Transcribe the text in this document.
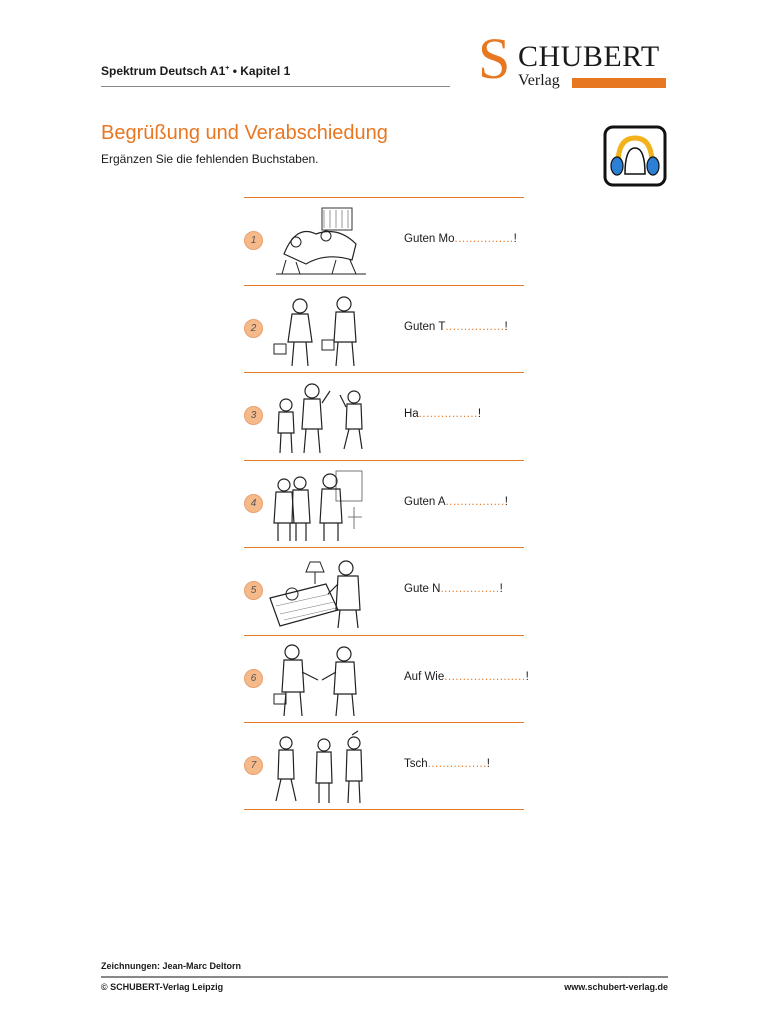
Spektrum Deutsch A1+ • Kapitel 1	S CHUBERT
Verlag
Begrüßung und Verabschiedung
Ergänzen Sie die fehlenden Buchstaben.
1	Guten Mo................!
2	Guten T................!
3	Ha................!
4	Guten A................!
5	Gute N................!
6	Auf Wie......................!
7	Tsch................!
Zeichnungen: Jean-Marc Deltorn
© SCHUBERT-Verlag Leipzig	www.schubert-verlag.de
